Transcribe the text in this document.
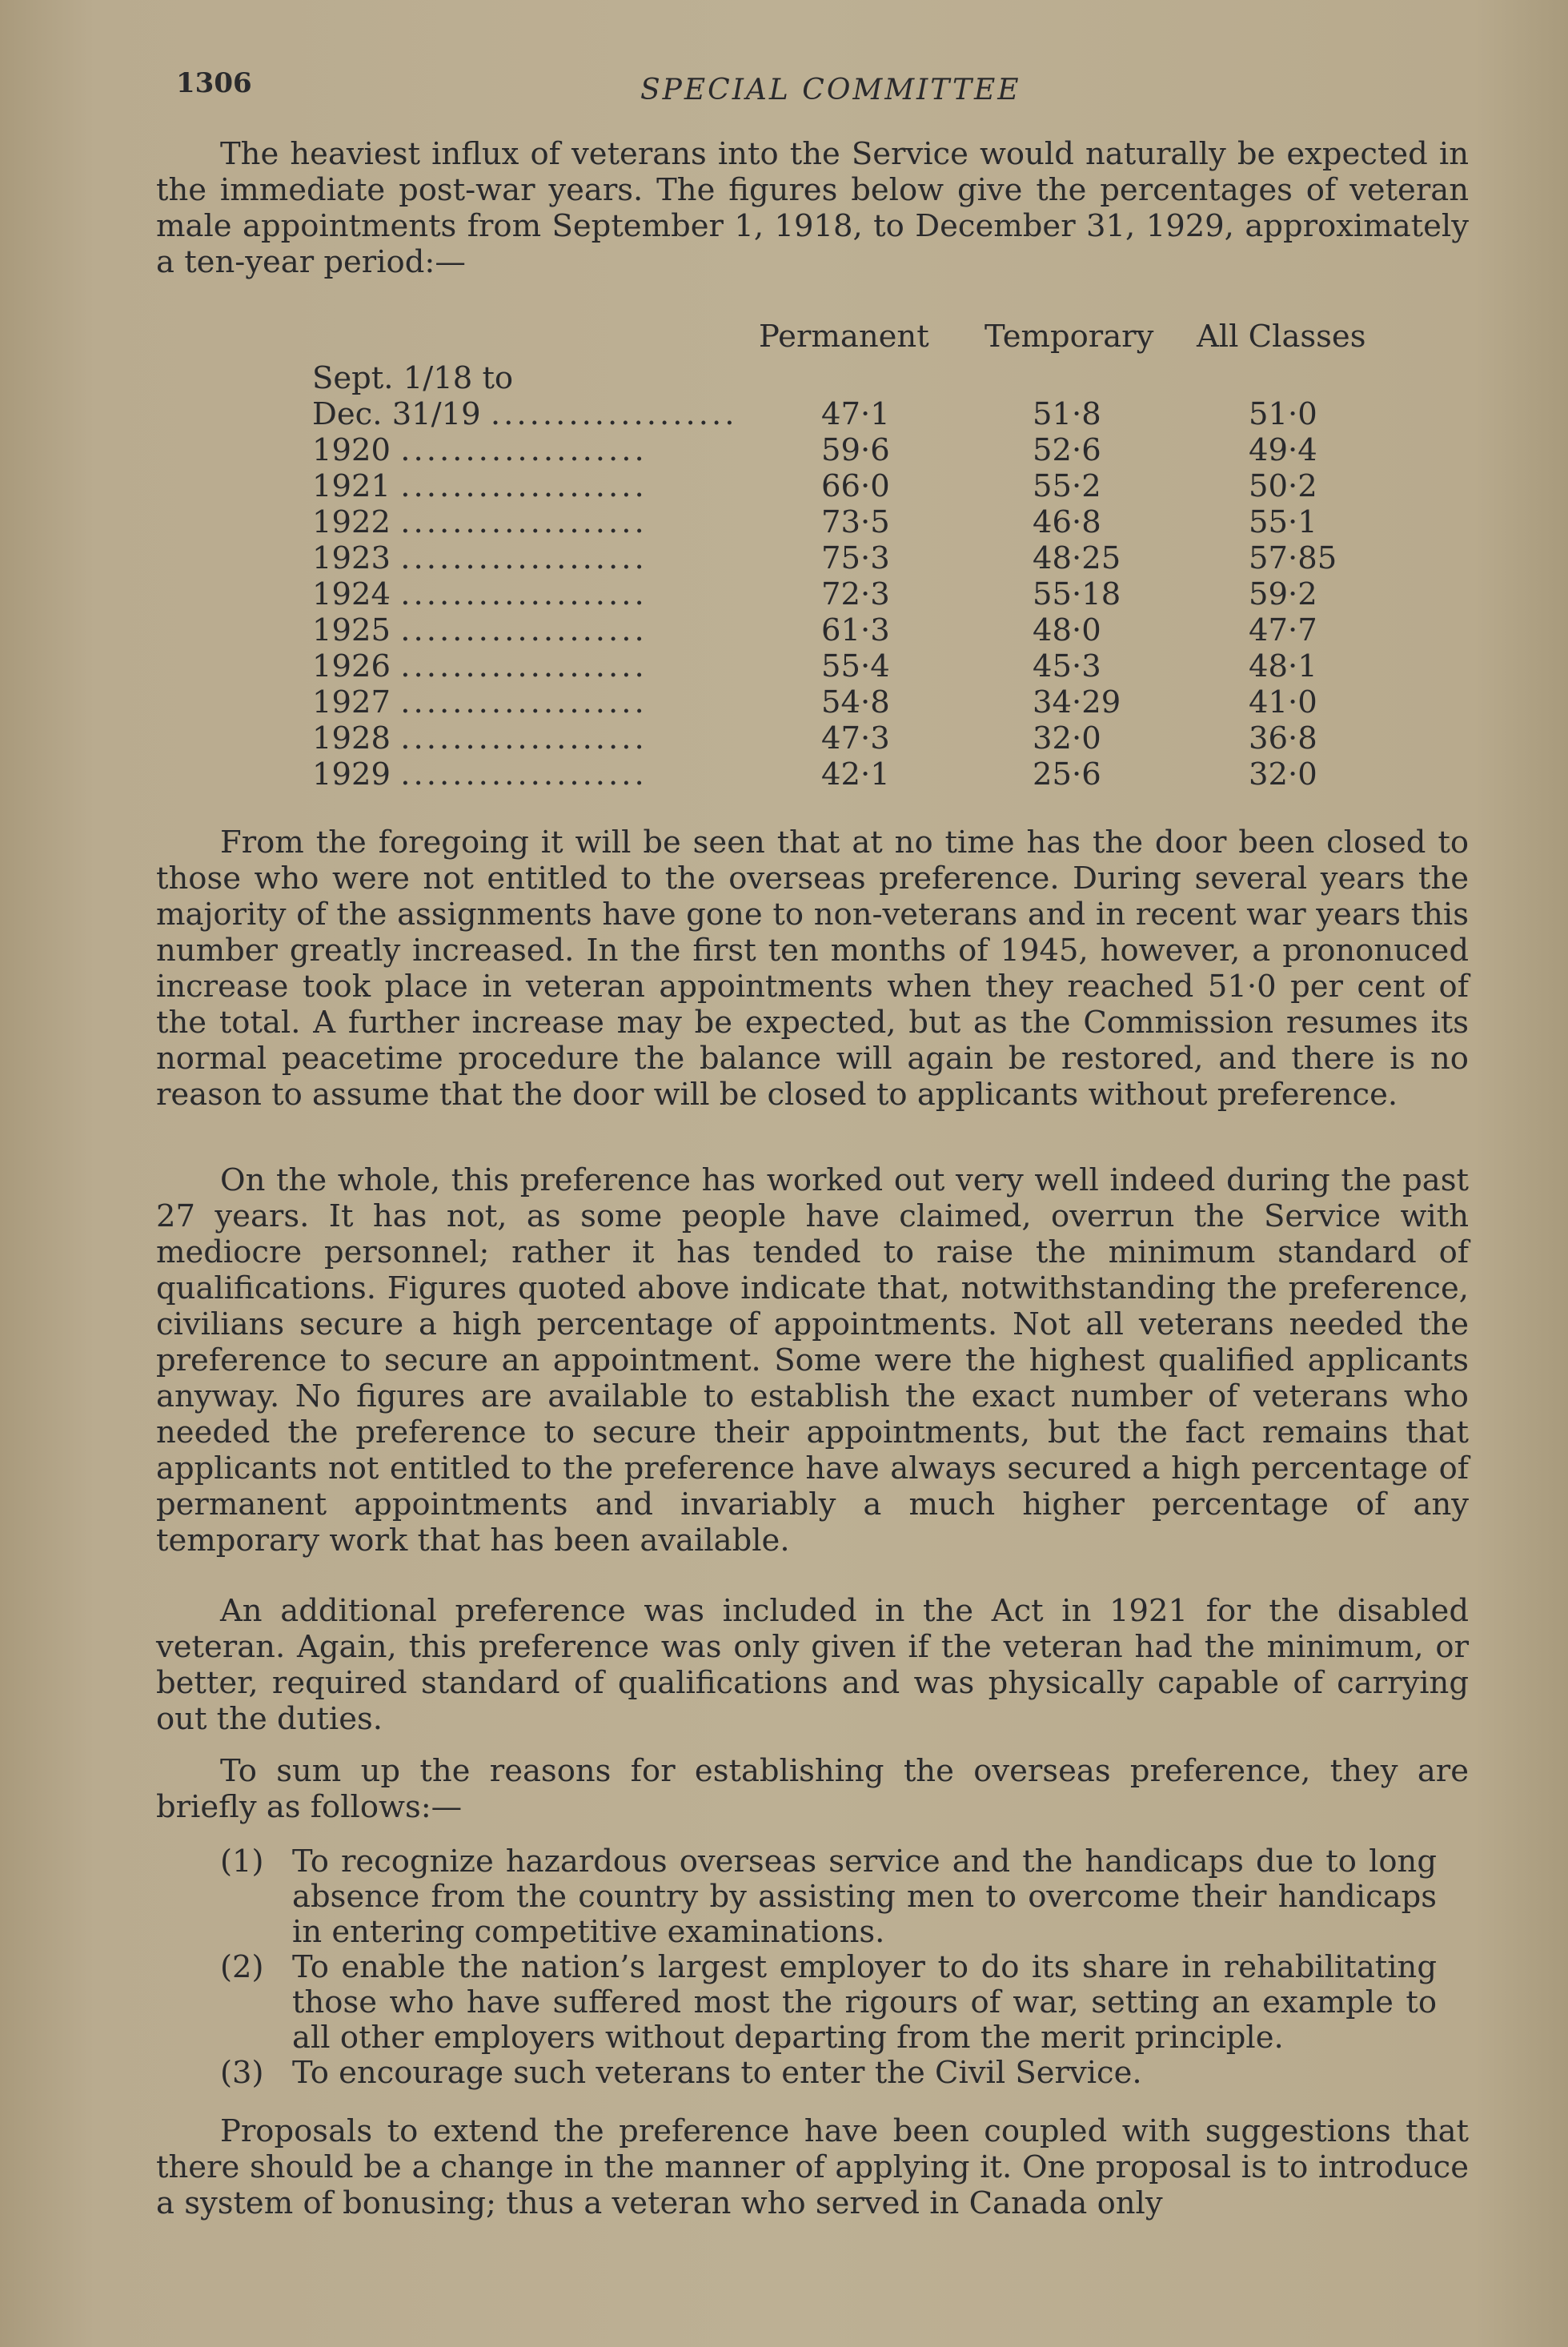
1306	SPECIAL COMMITTEE

The heaviest influx of veterans into the Service would naturally be expected in the immediate post-war years. The figures below give the percentages of veteran male appointments from September 1, 1918, to December 31, 1929, approximately a ten-year period:—

Permanent Temporary All Classes
Sept. 1/18 to
Dec. 31/19 ...................	47·1	51·8	51·0
1920 ...................	59·6	52·6	49·4
1921 ...................	66·0	55·2	50·2
1922 ...................	73·5	46·8	55·1
1923 ...................	75·3	48·25	57·85
1924 ...................	72·3	55·18	59·2
1925 ...................	61·3	48·0	47·7
1926 ...................	55·4	45·3	48·1
1927 ...................	54·8	34·29	41·0
1928 ...................	47·3	32·0	36·8
1929 ...................	42·1	25·6	32·0

From the foregoing it will be seen that at no time has the door been closed to those who were not entitled to the overseas preference. During several years the majority of the assignments have gone to non-veterans and in recent war years this number greatly increased. In the first ten months of 1945, however, a prononuced increase took place in veteran appointments when they reached 51·0 per cent of the total. A further increase may be expected, but as the Commission resumes its normal peacetime procedure the balance will again be restored, and there is no reason to assume that the door will be closed to applicants without preference.

On the whole, this preference has worked out very well indeed during the past 27 years. It has not, as some people have claimed, overrun the Service with mediocre personnel; rather it has tended to raise the minimum standard of qualifications. Figures quoted above indicate that, notwithstanding the preference, civilians secure a high percentage of appointments. Not all veterans needed the preference to secure an appointment. Some were the highest qualified applicants anyway. No figures are available to establish the exact number of veterans who needed the preference to secure their appointments, but the fact remains that applicants not entitled to the preference have always secured a high percentage of permanent appointments and invariably a much higher percentage of any temporary work that has been available.

An additional preference was included in the Act in 1921 for the disabled veteran. Again, this preference was only given if the veteran had the minimum, or better, required standard of qualifications and was physically capable of carrying out the duties.

To sum up the reasons for establishing the overseas preference, they are briefly as follows:—

(1) To recognize hazardous overseas service and the handicaps due to long absence from the country by assisting men to overcome their handicaps in entering competitive examinations.
(2) To enable the nation’s largest employer to do its share in rehabilitating those who have suffered most the rigours of war, setting an example to all other employers without departing from the merit principle.
(3) To encourage such veterans to enter the Civil Service.

Proposals to extend the preference have been coupled with suggestions that there should be a change in the manner of applying it. One proposal is to introduce a system of bonusing; thus a veteran who served in Canada only
